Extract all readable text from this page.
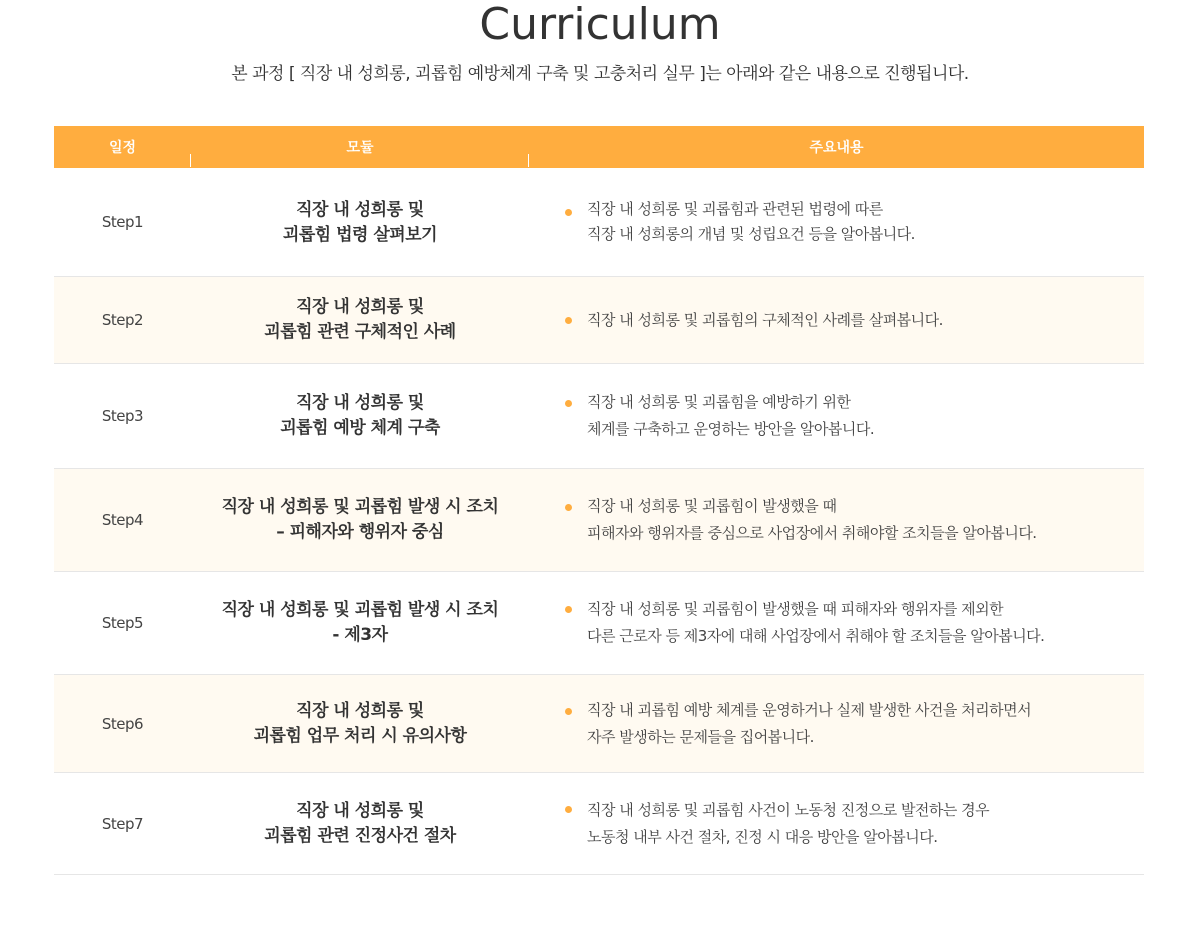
Curriculum

본 과정 [ 직장 내 성희롱, 괴롭힘 예방체계 구축 및 고충처리 실무 ]는 아래와 같은 내용으로 진행됩니다.

일정	모듈	주요내용
Step1
직장 내 성희롱 및
괴롭힘 법령 살펴보기
직장 내 성희롱 및 괴롭힘과 관련된 법령에 따른
직장 내 성희롱의 개념 및 성립요건 등을 알아봅니다.
Step2
직장 내 성희롱 및
괴롭힘 관련 구체적인 사례
직장 내 성희롱 및 괴롭힘의 구체적인 사례를 살펴봅니다.
Step3
직장 내 성희롱 및
괴롭힘 예방 체계 구축
직장 내 성희롱 및 괴롭힘을 예방하기 위한
체계를 구축하고 운영하는 방안을 알아봅니다.
Step4
직장 내 성희롱 및 괴롭힘 발생 시 조치
– 피해자와 행위자 중심
직장 내 성희롱 및 괴롭힘이 발생했을 때
피해자와 행위자를 중심으로 사업장에서 취해야할 조치들을 알아봅니다.
Step5
직장 내 성희롱 및 괴롭힘 발생 시 조치
- 제3자
직장 내 성희롱 및 괴롭힘이 발생했을 때 피해자와 행위자를 제외한
다른 근로자 등 제3자에 대해 사업장에서 취해야 할 조치들을 알아봅니다.
Step6
직장 내 성희롱 및
괴롭힘 업무 처리 시 유의사항
직장 내 괴롭힘 예방 체계를 운영하거나 실제 발생한 사건을 처리하면서
자주 발생하는 문제들을 집어봅니다.
Step7
직장 내 성희롱 및
괴롭힘 관련 진정사건 절차
직장 내 성희롱 및 괴롭힘 사건이 노동청 진정으로 발전하는 경우
노동청 내부 사건 절차, 진정 시 대응 방안을 알아봅니다.
